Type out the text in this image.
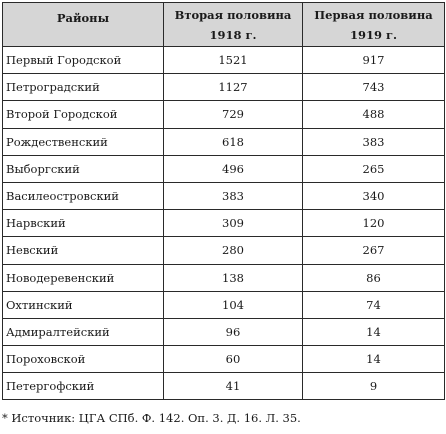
Районы	Вторая половина 1918 г.	Первая половина 1919 г.
Первый Городской	1521	917
Петроградский	1127	743
Второй Городской	729	488
Рождественский	618	383
Выборгский	496	265
Василеостровский	383	340
Нарвский	309	120
Невский	280	267
Новодеревенский	138	86
Охтинский	104	74
Адмиралтейский	96	14
Пороховской	60	14
Петергофский	41	9
* Источник: ЦГА СПб. Ф. 142. Оп. 3. Д. 16. Л. 35.
